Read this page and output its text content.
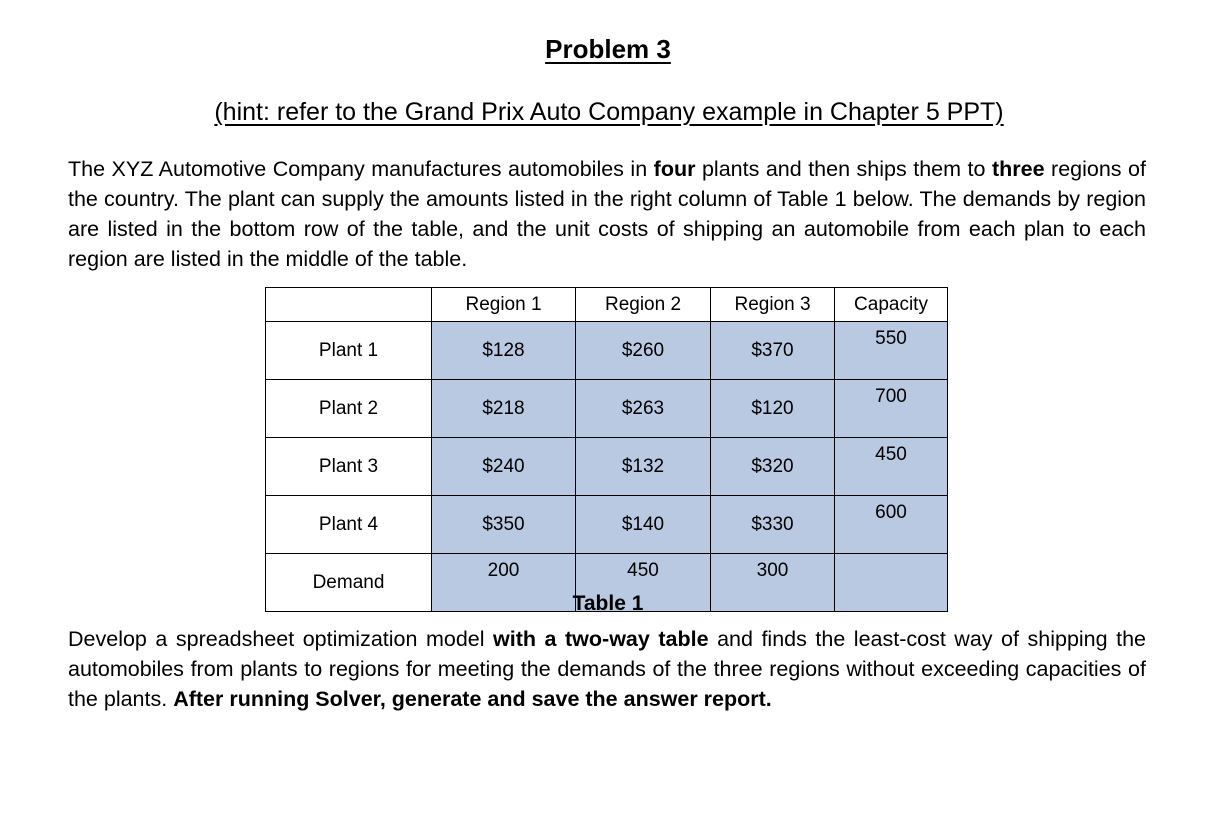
Problem 3
(hint: refer to the Grand Prix Auto Company example in Chapter 5 PPT)
The XYZ Automotive Company manufactures automobiles in four plants and then ships them to three regions of the country. The plant can supply the amounts listed in the right column of Table 1 below. The demands by region are listed in the bottom row of the table, and the unit costs of shipping an automobile from each plan to each region are listed in the middle of the table.
	Region 1	Region 2	Region 3	Capacity
Plant 1	$128	$260	$370	550
Plant 2	$218	$263	$120	700
Plant 3	$240	$132	$320	450
Plant 4	$350	$140	$330	600
Demand	200	450	300	
Table 1
Develop a spreadsheet optimization model with a two-way table and finds the least-cost way of shipping the automobiles from plants to regions for meeting the demands of the three regions without exceeding capacities of the plants. After running Solver, generate and save the answer report.
